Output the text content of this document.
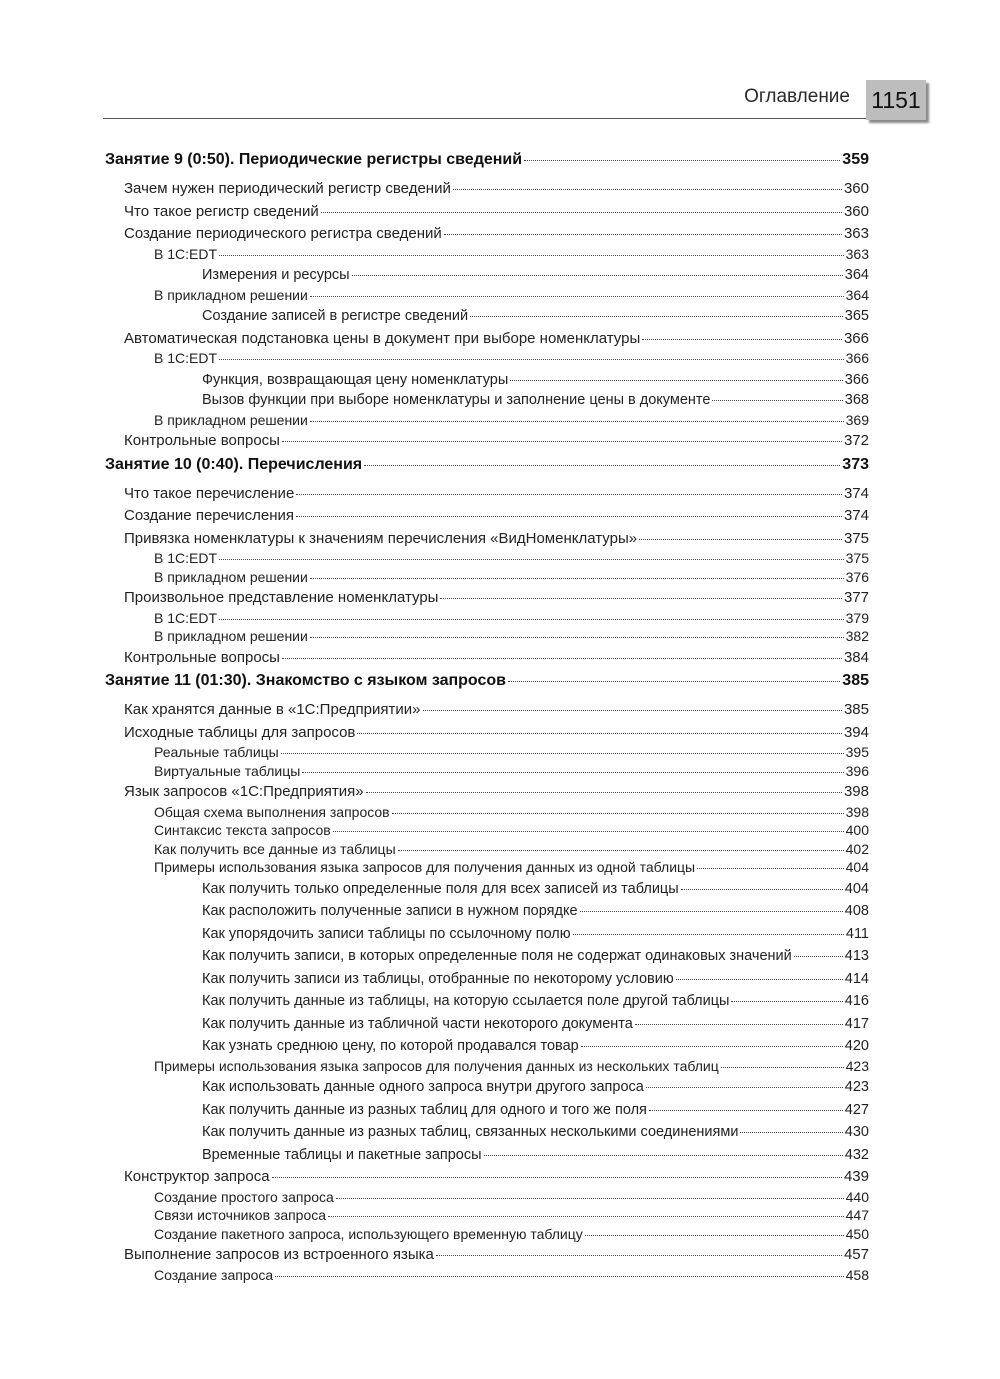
Оглавление 1151
Занятие 9 (0:50). Периодические регистры сведений	359
Зачем нужен периодический регистр сведений	360
Что такое регистр сведений	360
Создание периодического регистра сведений	363
В 1C:EDT	363
Измерения и ресурсы	364
В прикладном решении	364
Создание записей в регистре сведений	365
Автоматическая подстановка цены в документ при выборе номенклатуры	366
В 1C:EDT	366
Функция, возвращающая цену номенклатуры	366
Вызов функции при выборе номенклатуры и заполнение цены в документе	368
В прикладном решении	369
Контрольные вопросы	372
Занятие 10 (0:40). Перечисления	373
Что такое перечисление	374
Создание перечисления	374
Привязка номенклатуры к значениям перечисления «ВидНоменклатуры»	375
В 1C:EDT	375
В прикладном решении	376
Произвольное представление номенклатуры	377
В 1C:EDT	379
В прикладном решении	382
Контрольные вопросы	384
Занятие 11 (01:30). Знакомство с языком запросов	385
Как хранятся данные в «1С:Предприятии»	385
Исходные таблицы для запросов	394
Реальные таблицы	395
Виртуальные таблицы	396
Язык запросов «1С:Предприятия»	398
Общая схема выполнения запросов	398
Синтаксис текста запросов	400
Как получить все данные из таблицы	402
Примеры использования языка запросов для получения данных из одной таблицы	404
Как получить только определенные поля для всех записей из таблицы	404
Как расположить полученные записи в нужном порядке	408
Как упорядочить записи таблицы по ссылочному полю	411
Как получить записи, в которых определенные поля не содержат одинаковых значений	413
Как получить записи из таблицы, отобранные по некоторому условию	414
Как получить данные из таблицы, на которую ссылается поле другой таблицы	416
Как получить данные из табличной части некоторого документа	417
Как узнать среднюю цену, по которой продавался товар	420
Примеры использования языка запросов для получения данных из нескольких таблиц	423
Как использовать данные одного запроса внутри другого запроса	423
Как получить данные из разных таблиц для одного и того же поля	427
Как получить данные из разных таблиц, связанных несколькими соединениями	430
Временные таблицы и пакетные запросы	432
Конструктор запроса	439
Создание простого запроса	440
Связи источников запроса	447
Создание пакетного запроса, использующего временную таблицу	450
Выполнение запросов из встроенного языка	457
Создание запроса	458
